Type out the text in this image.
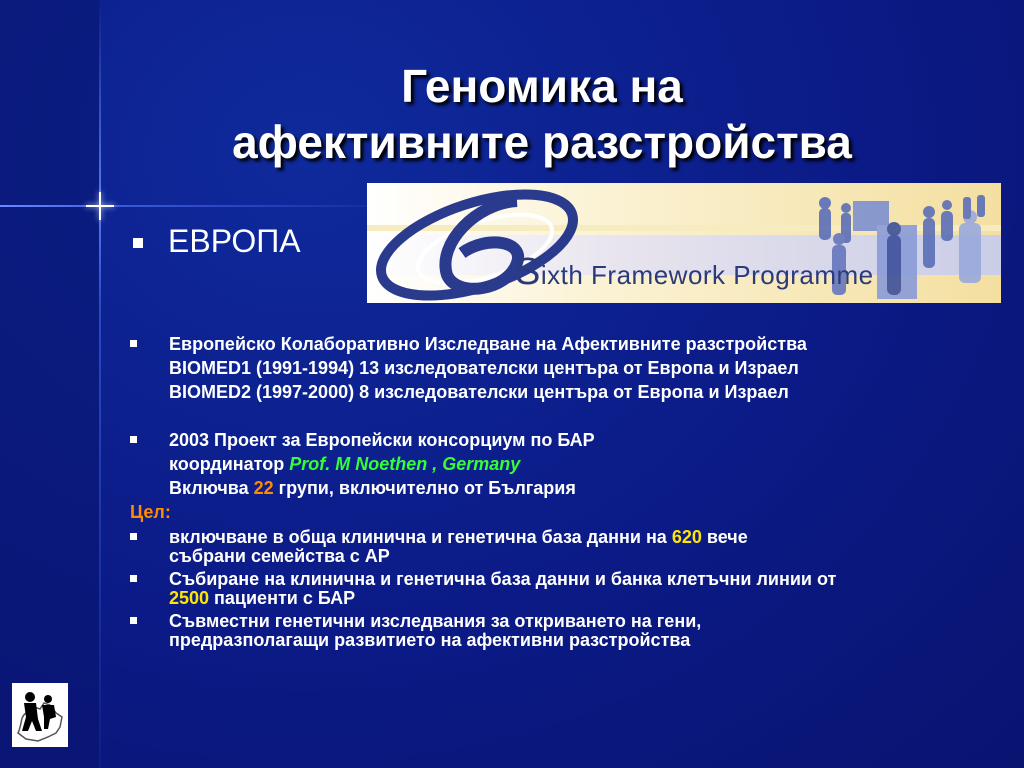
Геномика на
афективните разстройства
ЕВРОПА
Sixth Framework Programme
Европейско Колаборативно Изследване на Афективните разстройства
BIOMED1 (1991-1994) 13 изследователски центъра от Европа и Израел
BIOMED2 (1997-2000) 8 изследователски центъра от Европа и Израел
2003 Проект за Европейски консорциум по БАР
координатор Prof. M Noethen , Germany
Включва 22 групи, включително от България
Цел:
включване в обща клинична и генетична база данни на 620 вече
събрани семейства с АР
Събиране на клинична и генетична база данни и банка клетъчни линии от
2500 пациенти с БАР
Съвместни генетични изследвания за откриването на гени,
предразполагащи развитието на афективни разстройства
